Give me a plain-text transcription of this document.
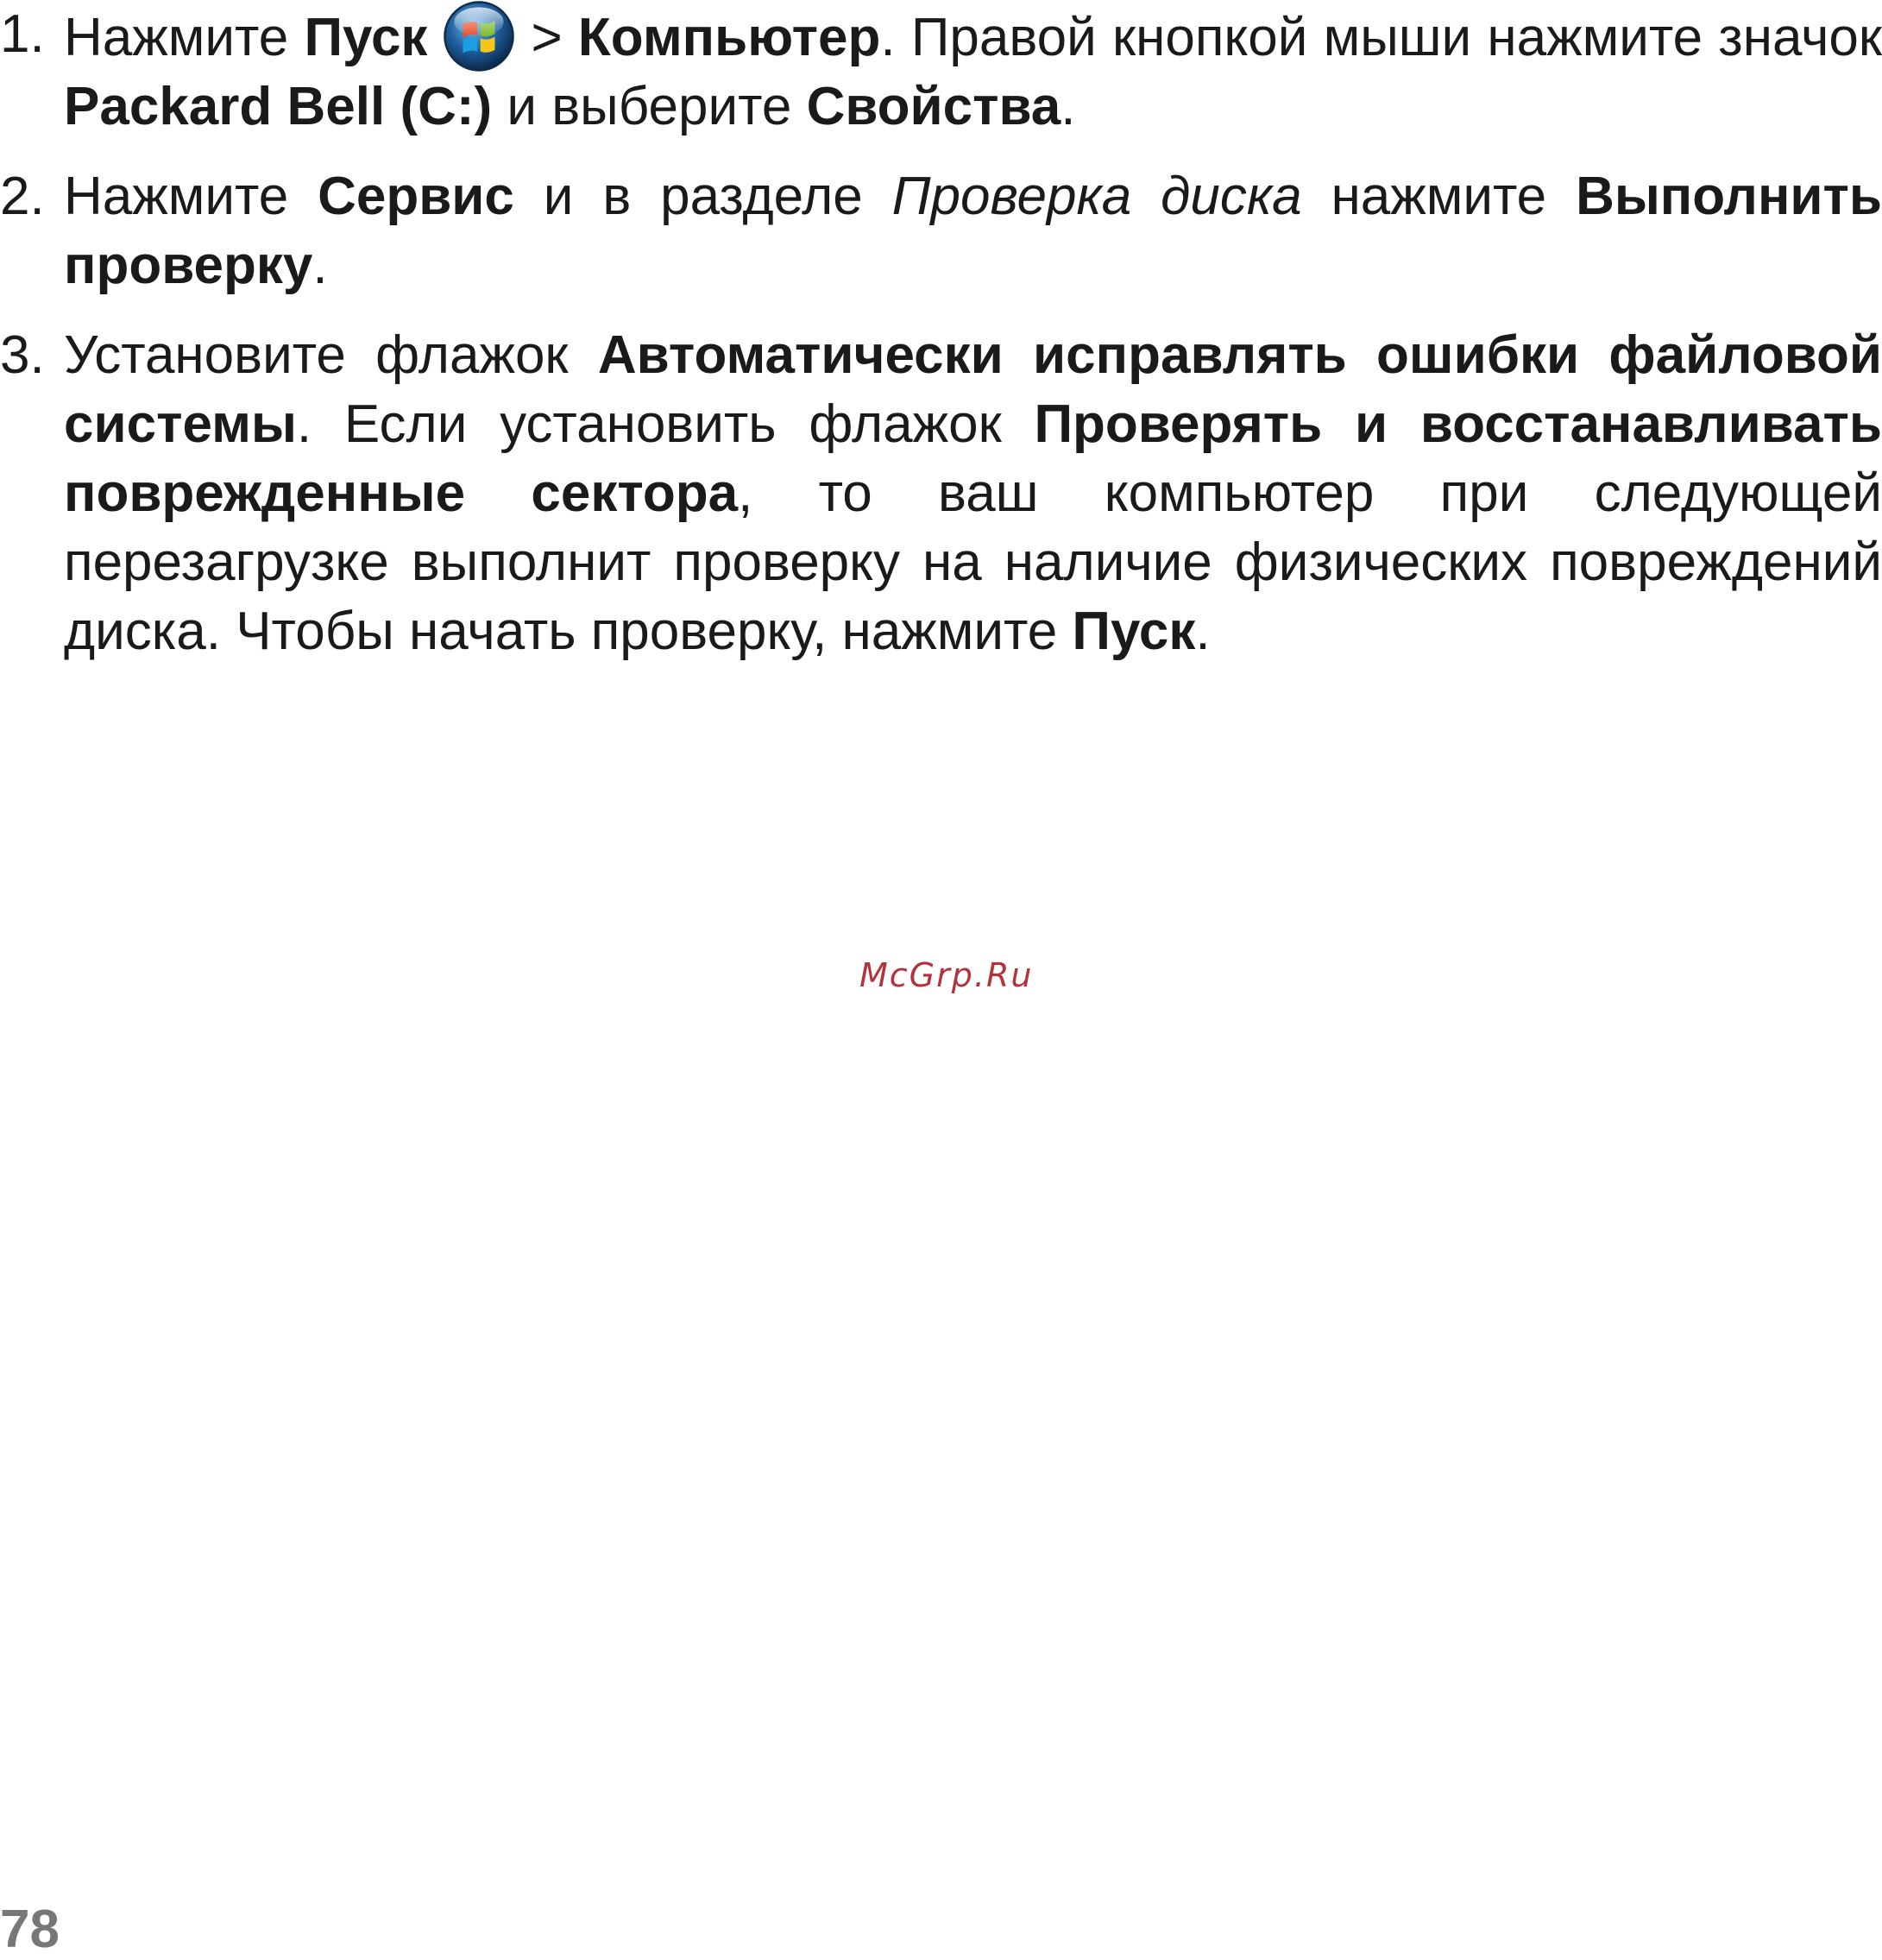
1. Нажмите Пуск > Компьютер. Правой кнопкой мыши нажмите значок Packard Bell (C:) и выберите Свойства.
2. Нажмите Сервис и в разделе Проверка диска нажмите Выполнить проверку.
3. Установите флажок Автоматически исправлять ошибки файловой системы. Если установить флажок Проверять и восстанавливать поврежденные сектора, то ваш компьютер при следующей перезагрузке выполнит проверку на наличие физических повреждений диска. Чтобы начать проверку, нажмите Пуск.
McGrp.Ru
78
